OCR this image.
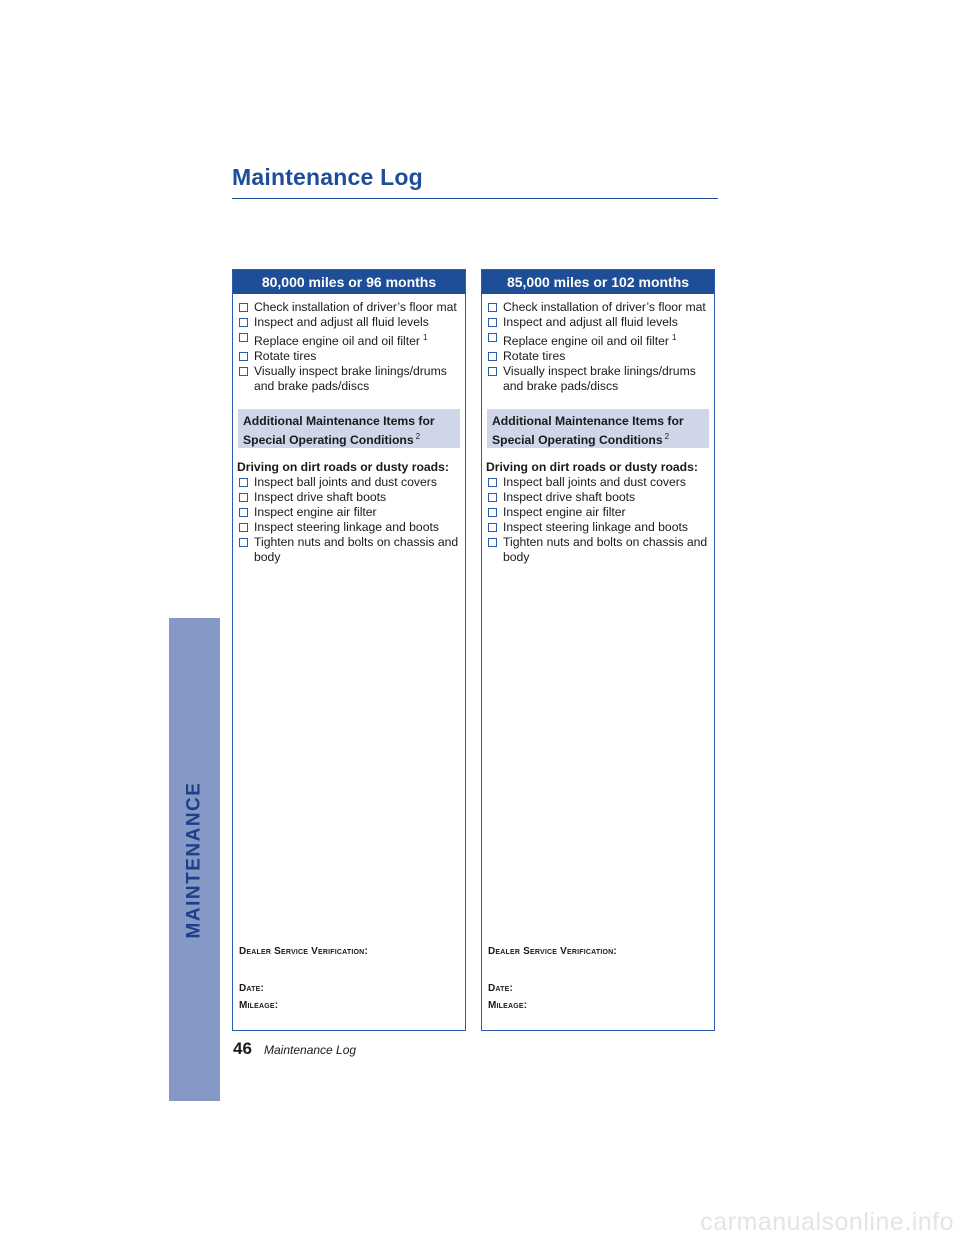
Maintenance Log
MAINTENANCE
80,000 miles or 96 months
Check installation of driver’s floor mat
Inspect and adjust all fluid levels
Replace engine oil and oil filter $^1$
Rotate tires
Visually inspect brake linings/drums and brake pads/discs
Additional Maintenance Items for
Special Operating Conditions $^2$
Driving on dirt roads or dusty roads:
Inspect ball joints and dust covers
Inspect drive shaft boots
Inspect engine air filter
Inspect steering linkage and boots
Tighten nuts and bolts on chassis and body
DEALER SERVICE VERIFICATION:
DATE:
MILEAGE:
85,000 miles or 102 months
Check installation of driver’s floor mat
Inspect and adjust all fluid levels
Replace engine oil and oil filter $^1$
Rotate tires
Visually inspect brake linings/drums and brake pads/discs
Additional Maintenance Items for
Special Operating Conditions $^2$
Driving on dirt roads or dusty roads:
Inspect ball joints and dust covers
Inspect drive shaft boots
Inspect engine air filter
Inspect steering linkage and boots
Tighten nuts and bolts on chassis and body
DEALER SERVICE VERIFICATION:
DATE:
MILEAGE:
46 Maintenance Log
carmanualsonline.info
